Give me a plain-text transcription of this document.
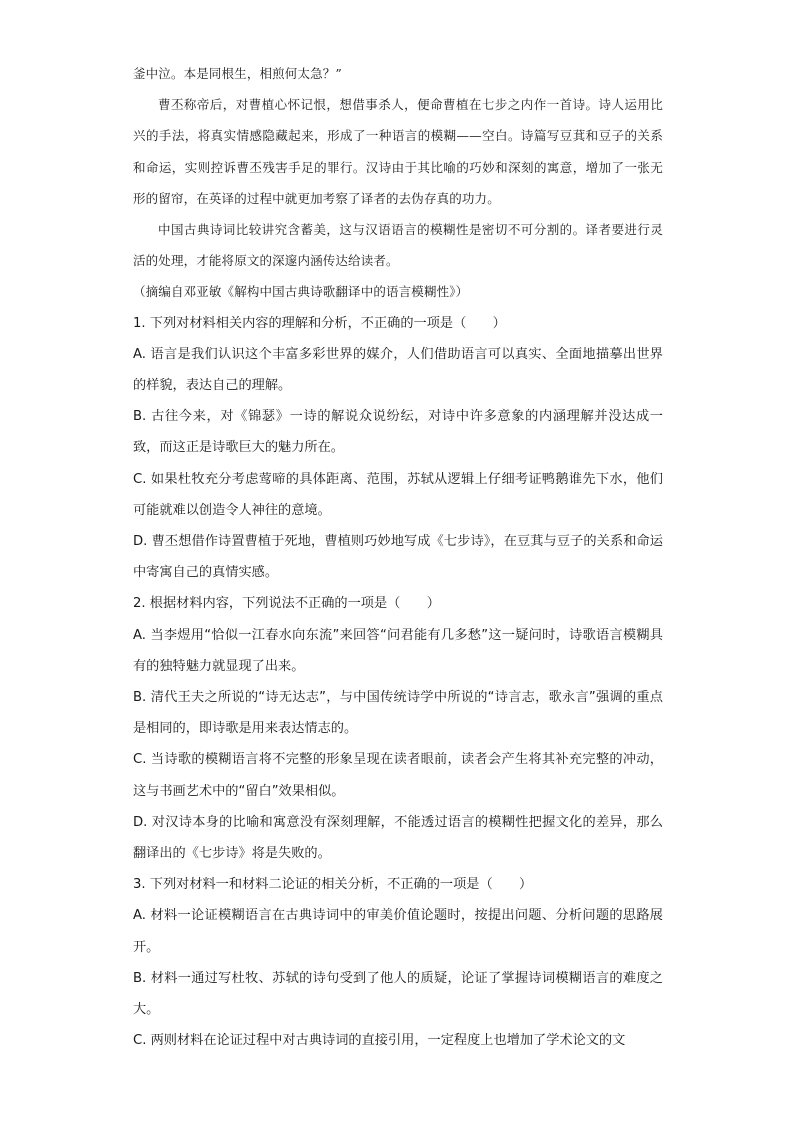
釜中泣。本是同根生，相煎何太急？”

曹丕称帝后，对曹植心怀记恨，想借事杀人，便命曹植在七步之内作一首诗。诗人运用比兴的手法，将真实情感隐藏起来，形成了一种语言的模糊——空白。诗篇写豆萁和豆子的关系和命运，实则控诉曹丕残害手足的罪行。汉诗由于其比喻的巧妙和深刻的寓意，增加了一张无形的留帘，在英译的过程中就更加考察了译者的去伪存真的功力。

中国古典诗词比较讲究含蓄美，这与汉语语言的模糊性是密切不可分割的。译者要进行灵活的处理，才能将原文的深邃内涵传达给读者。

（摘编自邓亚敏《解构中国古典诗歌翻译中的语言模糊性》）

1. 下列对材料相关内容的理解和分析，不正确的一项是（　　）

A. 语言是我们认识这个丰富多彩世界的媒介，人们借助语言可以真实、全面地描摹出世界的样貌，表达自己的理解。

B. 古往今来，对《锦瑟》一诗的解说众说纷纭，对诗中许多意象的内涵理解并没达成一致，而这正是诗歌巨大的魅力所在。

C. 如果杜牧充分考虑莺啼的具体距离、范围，苏轼从逻辑上仔细考证鸭鹅谁先下水，他们可能就难以创造令人神往的意境。

D. 曹丕想借作诗置曹植于死地，曹植则巧妙地写成《七步诗》，在豆萁与豆子的关系和命运中寄寓自己的真情实感。

2. 根据材料内容，下列说法不正确的一项是（　　）

A. 当李煜用“恰似一江春水向东流”来回答“问君能有几多愁”这一疑问时，诗歌语言模糊具有的独特魅力就显现了出来。

B. 清代王夫之所说的“诗无达志”，与中国传统诗学中所说的“诗言志，歌永言”强调的重点是相同的，即诗歌是用来表达情志的。

C. 当诗歌的模糊语言将不完整的形象呈现在读者眼前，读者会产生将其补充完整的冲动，这与书画艺术中的“留白”效果相似。

D. 对汉诗本身的比喻和寓意没有深刻理解，不能透过语言的模糊性把握文化的差异，那么翻译出的《七步诗》将是失败的。

3. 下列对材料一和材料二论证的相关分析，不正确的一项是（　　）

A. 材料一论证模糊语言在古典诗词中的审美价值论题时，按提出问题、分析问题的思路展开。

B. 材料一通过写杜牧、苏轼的诗句受到了他人的质疑，论证了掌握诗词模糊语言的难度之大。

C. 两则材料在论证过程中对古典诗词的直接引用，一定程度上也增加了学术论文的文
